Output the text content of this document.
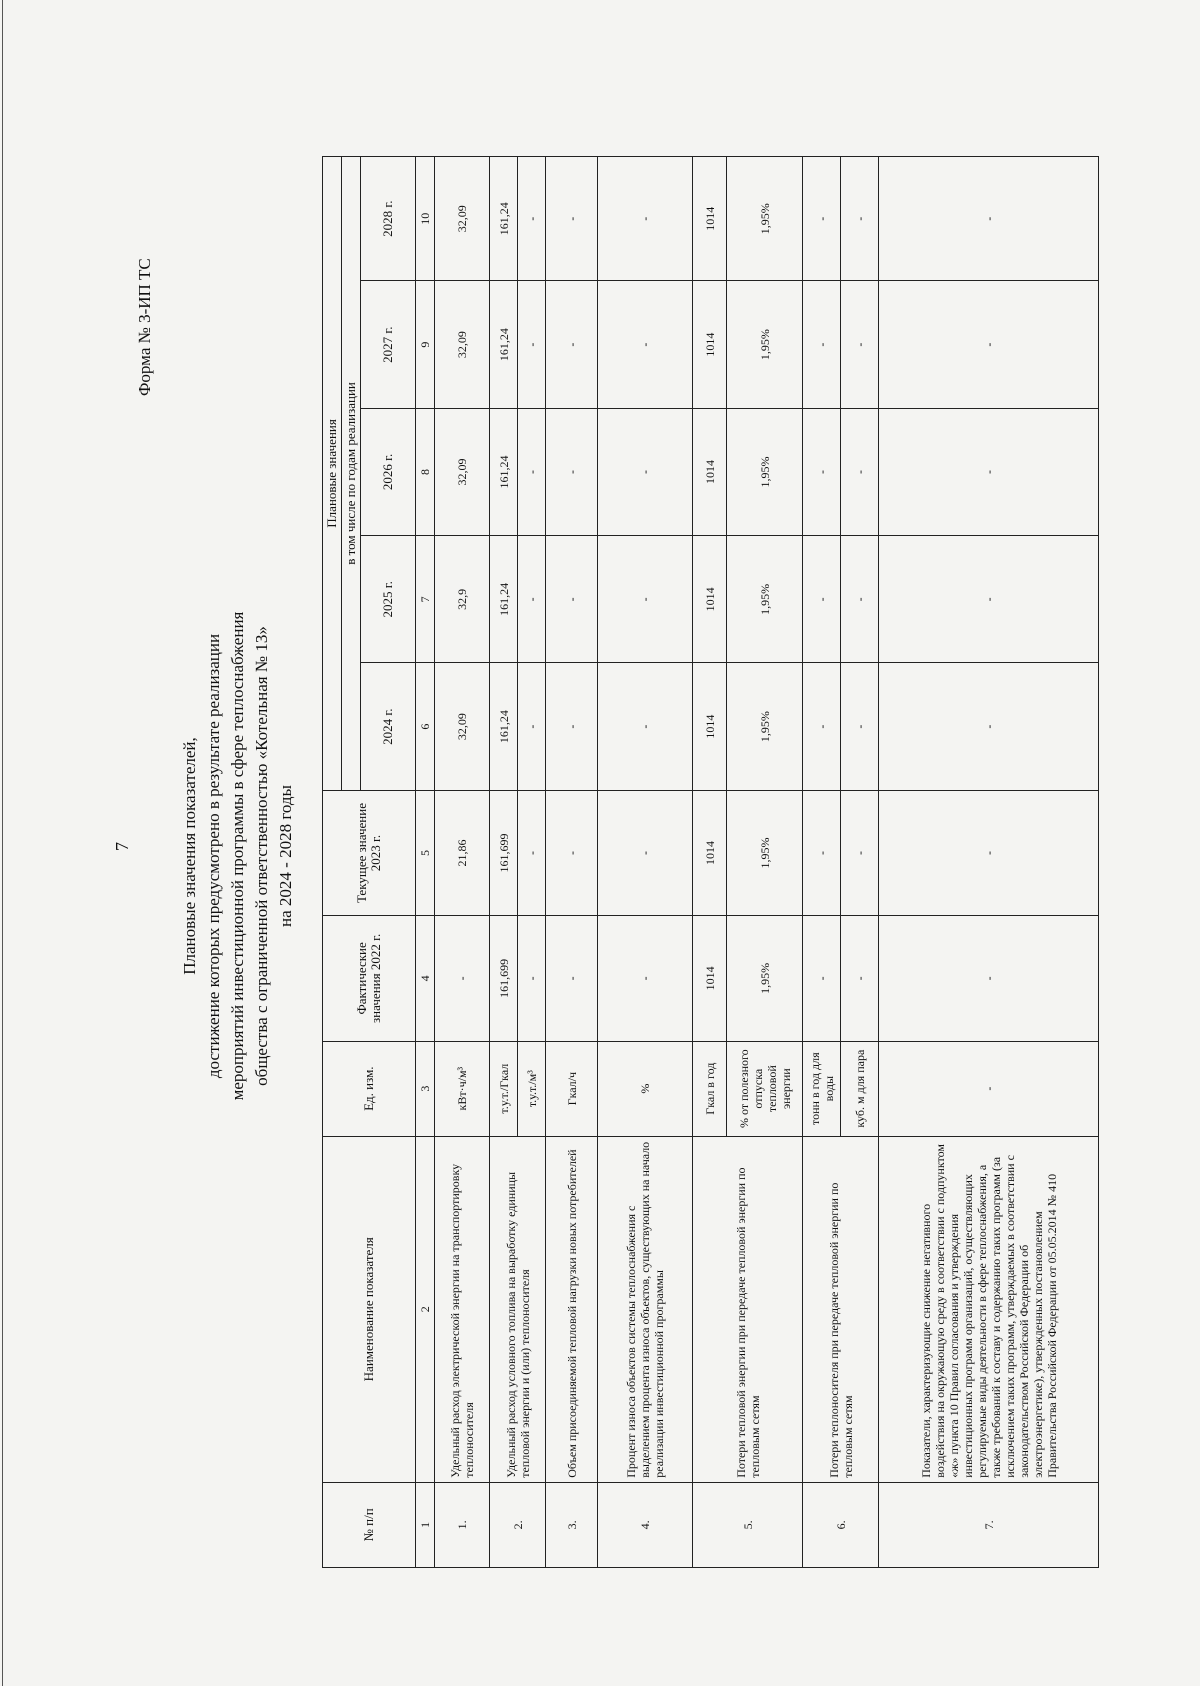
7
Форма № 3-ИП ТС
Плановые значения показателей, достижение которых предусмотрено в результате реализации мероприятий инвестиционной программы в сфере теплоснабжения общества с ограниченной ответственностью «Котельная № 13» на 2024 - 2028 годы
№ п/п	Наименование показателя	Ед. изм.	Фактические значения 2022 г.	Текущее значение 2023 г.	Плановые значения				
					в том числе по годам реализации				
					2024 г.	2025 г.	2026 г.	2027 г.	2028 г.
1	2	3	4	5	6	7	8	9	10
1.	Удельный расход электрической энергии на транспортировку теплоносителя	кВт·ч/м³	-	21,86	32,09	32,9	32,09	32,09	32,09
2.	Удельный расход условного топлива на выработку единицы тепловой энергии и (или) теплоносителя	т.у.т./Гкал	161,699	161,699	161,24	161,24	161,24	161,24	161,24
		т.у.т./м³	-	-	-	-	-	-	-
3.	Объем присоединяемой тепловой нагрузки новых потребителей	Гкал/ч	-	-	-	-	-	-	-
4.	Процент износа объектов системы теплоснабжения с выделением процента износа объектов, существующих на начало реализации инвестиционной программы	%	-	-	-	-	-	-	-
5.	Потери тепловой энергии при передаче тепловой энергии по тепловым сетям	Гкал в год	1014	1014	1014	1014	1014	1014	1014
		% от полезного отпуска тепловой энергии	1,95%	1,95%	1,95%	1,95%	1,95%	1,95%	1,95%
6.	Потери теплоносителя при передаче тепловой энергии по тепловым сетям	тонн в год для воды	-	-	-	-	-	-	-
		куб. м для пара	-	-	-	-	-	-	-
7.	Показатели, характеризующие снижение негативного воздействия на окружающую среду в соответствии с подпунктом «ж» пункта 10 Правил согласования и утверждения инвестиционных программ организаций, осуществляющих регулируемые виды деятельности в сфере теплоснабжения, а также требований к составу и содержанию таких программ (за исключением таких программ, утверждаемых в соответствии с законодательством Российской Федерации об электроэнергетике), утвержденных постановлением Правительства Российской Федерации от 05.05.2014 № 410	-	-	-	-	-	-	-	-
